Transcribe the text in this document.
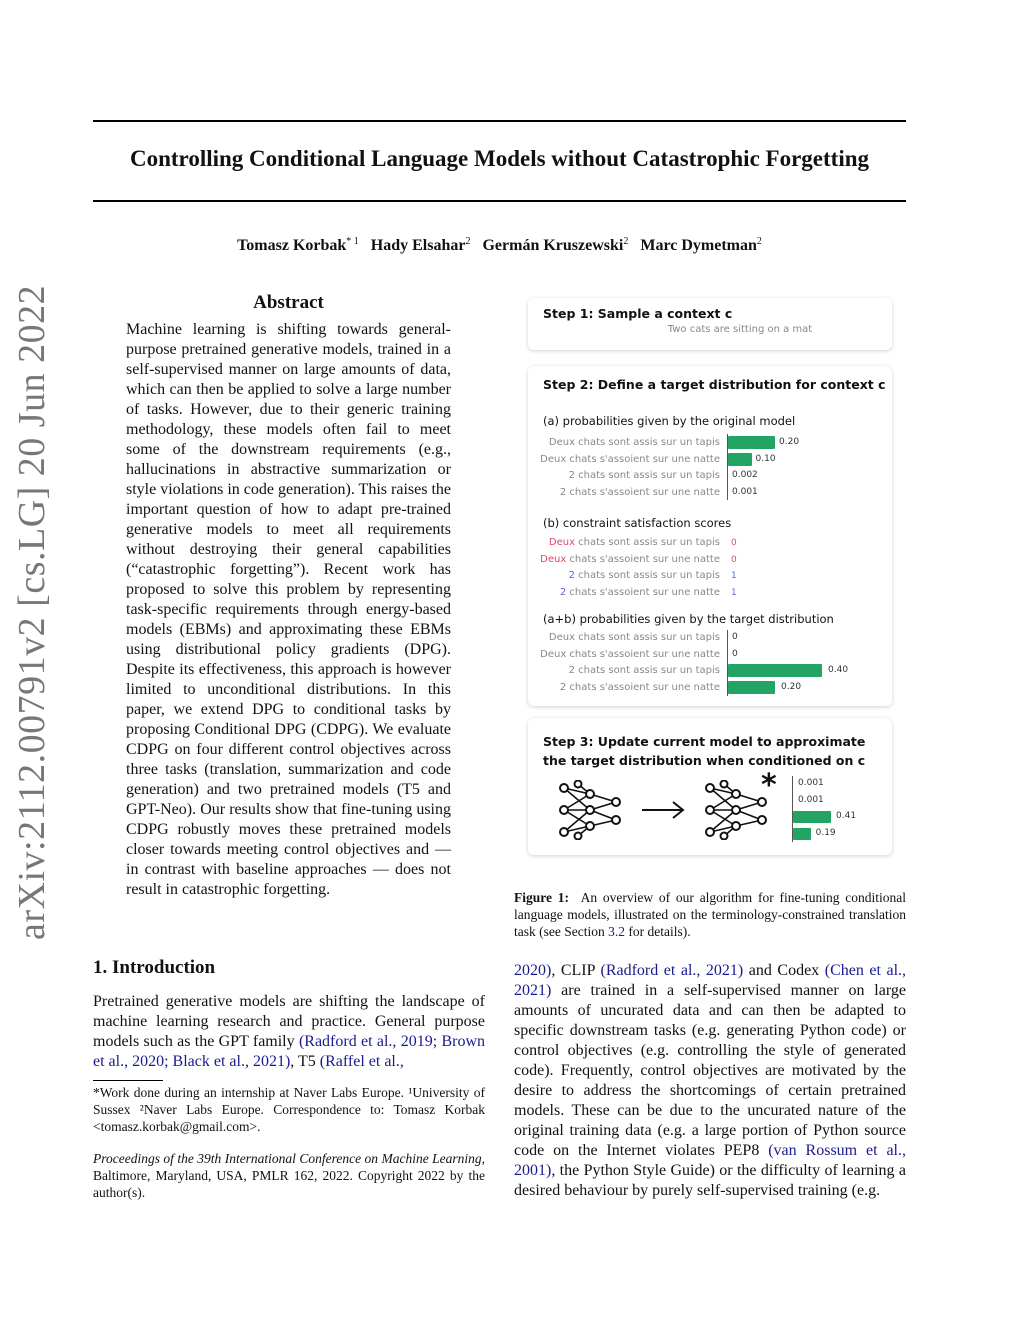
Controlling Conditional Language Models without Catastrophic Forgetting
Tomasz Korbak$^{* 1}$ Hady Elsahar$^2$ Germán Kruszewski$^2$ Marc Dymetman$^2$
arXiv:2112.00791v2 [cs.LG] 20 Jun 2022	Abstract
Machine learning is shifting towards general-purpose pretrained generative models, trained in a self-supervised manner on large amounts of data, which can then be applied to solve a large number of tasks. However, due to their generic training methodology, these models often fail to meet some of the downstream requirements (e.g., hallucinations in abstractive summarization or style violations in code generation). This raises the important question of how to adapt pre-trained generative models to meet all requirements without destroying their general capabilities (“catastrophic forgetting”). Recent work has proposed to solve this problem by representing task-specific requirements through energy-based models (EBMs) and approximating these EBMs using distributional policy gradients (DPG). Despite its effectiveness, this approach is however limited to unconditional distributions. In this paper, we extend DPG to conditional tasks by proposing Conditional DPG (CDPG). We evaluate CDPG on four different control objectives across three tasks (translation, summarization and code generation) and two pretrained models (T5 and GPT-Neo). Our results show that fine-tuning using CDPG robustly moves these pretrained models closer towards meeting control objectives and — in contrast with baseline approaches — does not result in catastrophic forgetting.
1. Introduction
Pretrained generative models are shifting the landscape of machine learning research and practice. General purpose models such as the GPT family (Radford et al., 2019; Brown et al., 2020; Black et al., 2021), T5 (Raffel et al.,
*Work done during an internship at Naver Labs Europe. ¹University of Sussex ²Naver Labs Europe. Correspondence to: Tomasz Korbak <tomasz.korbak@gmail.com>.
Proceedings of the 39th International Conference on Machine Learning, Baltimore, Maryland, USA, PMLR 162, 2022. Copyright 2022 by the author(s).
2020), CLIP (Radford et al., 2021) and Codex (Chen et al., 2021) are trained in a self-supervised manner on large amounts of uncurated data and can then be adapted to specific downstream tasks (e.g. generating Python code) or control objectives (e.g. controlling the style of generated code). Frequently, control objectives are motivated by the desire to address the shortcomings of certain pretrained models. These can be due to the uncurated nature of the original training data (e.g. a large portion of Python source code on the Internet violates PEP8 (van Rossum et al., 2001), the Python Style Guide) or the difficulty of learning a desired behaviour by purely self-supervised training (e.g.
Figure 1: An overview of our algorithm for fine-tuning conditional language models, illustrated on the terminology-constrained translation task (see Section 3.2 for details).
Step 1: Sample a context c
Two cats are sitting on a mat
Step 2: Define a target distribution for context c
(a) probabilities given by the original model
Deux chats sont assis sur un tapis
Deux chats s'assoient sur une natte
2 chats sont assis sur un tapis
2 chats s'assoient sur une natte
0.20
0.10
0.002
0.001
(b) constraint satisfaction scores
Deux chats sont assis sur un tapis
Deux chats s'assoient sur une natte
2 chats sont assis sur un tapis
2 chats s'assoient sur une natte
0
0
1
1
(a+b) probabilities given by the target distribution
Deux chats sont assis sur un tapis
Deux chats s'assoient sur une natte
2 chats sont assis sur un tapis
2 chats s'assoient sur une natte
0
0
0.40
0.20
Step 3: Update current model to approximate
the target distribution when conditioned on c
* 0.001
0.001
0.41
0.19
